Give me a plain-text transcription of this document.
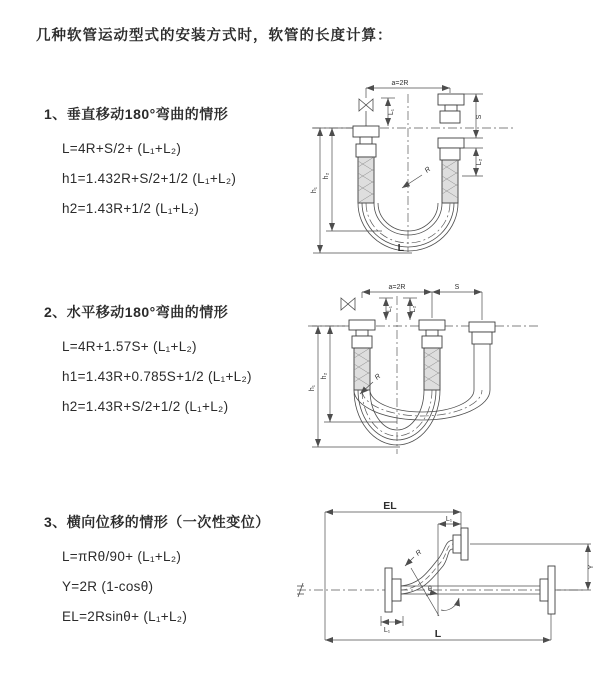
几种软管运动型式的安装方式时，软管的长度计算：
1、垂直移动180°弯曲的情形
L=4R+S/2+ (L₁+L₂)
h1=1.432R+S/2+1/2 (L₁+L₂)
h2=1.43R+1/2 (L₁+L₂)
a=2R
S
L₂
L₁
h₁
h₂
R
L
2、水平移动180°弯曲的情形
L=4R+1.57S+ (L₁+L₂)
h1=1.43R+0.785S+1/2 (L₁+L₂)
h2=1.43R+S/2+1/2 (L₁+L₂)
a=2R	S
L₁ L₂
h₁
h₂	R
3、横向位移的情形（一次性变位）
L=πRθ/90+ (L₁+L₂)
Y=2R (1-cosθ)
EL=2Rsinθ+ (L₁+L₂)
EL
L₁
Y
R
θ
L₁	L
